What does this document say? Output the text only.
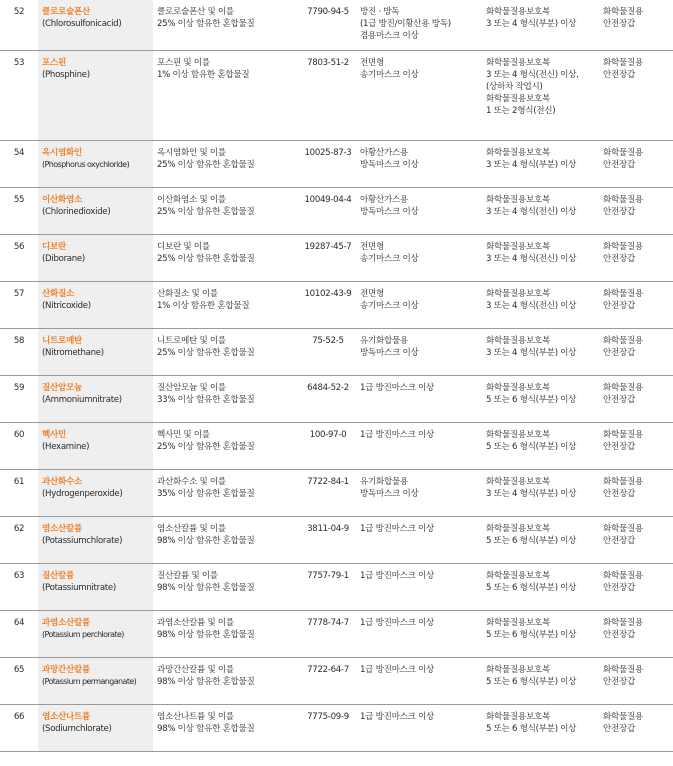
52	클로로술폰산
(Chlorosulfonicacid)	클로로술폰산 및 이를
25% 이상 함유한 혼합물질	7790-94-5	방진 · 방독
(1급 방진/이황산용 방독)
겸용마스크 이상	화학물질용보호복
3 또는 4 형식(부분) 이상	화학물질용
안전장갑

53	포스핀
(Phosphine)	포스핀 및 이를
1% 이상 함유한 혼합물질	7803-51-2	전면형
송기마스크 이상	화학물질용보호복
3 또는 4 형식(전신) 이상,
(상하차 작업시)
화학물질용보호복
1 또는 2형식(전신)	화학물질용
안전장갑

54	옥시염화인
(Phosphorus oxychloride)	옥시염화인 및 이를
25% 이상 함유한 혼합물질	10025-87-3	아황산가스용
방독마스크 이상	화학물질용보호복
3 또는 4 형식(부분) 이상	화학물질용
안전장갑

55	이산화염소
(Chlorinedioxide)	이산화염소 및 이를
25% 이상 함유한 혼합물질	10049-04-4	아황산가스용
방독마스크 이상	화학물질용보호복
3 또는 4 형식(전신) 이상	화학물질용
안전장갑

56	디보란
(Diborane)	디보란 및 이를
25% 이상 함유한 혼합물질	19287-45-7	전면형
송기마스크 이상	화학물질용보호복
3 또는 4 형식(전신) 이상	화학물질용
안전장갑

57	산화질소
(Nitricoxide)	산화질소 및 이를
1% 이상 함유한 혼합물질	10102-43-9	전면형
송기마스크 이상	화학물질용보호복
3 또는 4 형식(전신) 이상	화학물질용
안전장갑

58	니트로메탄
(Nitromethane)	니트로메탄 및 이를
25% 이상 함유한 혼합물질	75-52-5	유기화합물용
방독마스크 이상	화학물질용보호복
3 또는 4 형식(부분) 이상	화학물질용
안전장갑

59	질산암모늄
(Ammoniumnitrate)	질산암모늄 및 이를
33% 이상 함유한 혼합물질	6484-52-2	1급 방진마스크 이상	화학물질용보호복
5 또는 6 형식(부분) 이상	화학물질용
안전장갑

60	헥사민
(Hexamine)	헥사민 및 이를
25% 이상 함유한 혼합물질	100-97-0	1급 방진마스크 이상	화학물질용보호복
5 또는 6 형식(부분) 이상	화학물질용
안전장갑

61	과산화수소
(Hydrogenperoxide)	과산화수소 및 이를
35% 이상 함유한 혼합물질	7722-84-1	유기화합물용
방독마스크 이상	화학물질용보호복
3 또는 4 형식(부분) 이상	화학물질용
안전장갑

62	염소산칼륨
(Potassiumchlorate)	염소산칼륨 및 이를
98% 이상 함유한 혼합물질	3811-04-9	1급 방진마스크 이상	화학물질용보호복
5 또는 6 형식(부분) 이상	화학물질용
안전장갑

63	질산칼륨
(Potassiumnitrate)	질산칼륨 및 이를
98% 이상 함유한 혼합물질	7757-79-1	1급 방진마스크 이상	화학물질용보호복
5 또는 6 형식(부분) 이상	화학물질용
안전장갑

64	과염소산칼륨
(Potassium perchlorate)	과염소산칼륨 및 이를
98% 이상 함유한 혼합물질	7778-74-7	1급 방진마스크 이상	화학물질용보호복
5 또는 6 형식(부분) 이상	화학물질용
안전장갑

65	과망간산칼륨
(Potassium permanganate)	과망간산칼륨 및 이를
98% 이상 함유한 혼합물질	7722-64-7	1급 방진마스크 이상	화학물질용보호복
5 또는 6 형식(부분) 이상	화학물질용
안전장갑

66	염소산나트륨
(Sodiumchlorate)	염소산나트륨 및 이를
98% 이상 함유한 혼합물질	7775-09-9	1급 방진마스크 이상	화학물질용보호복
5 또는 6 형식(부분) 이상	화학물질용
안전장갑
